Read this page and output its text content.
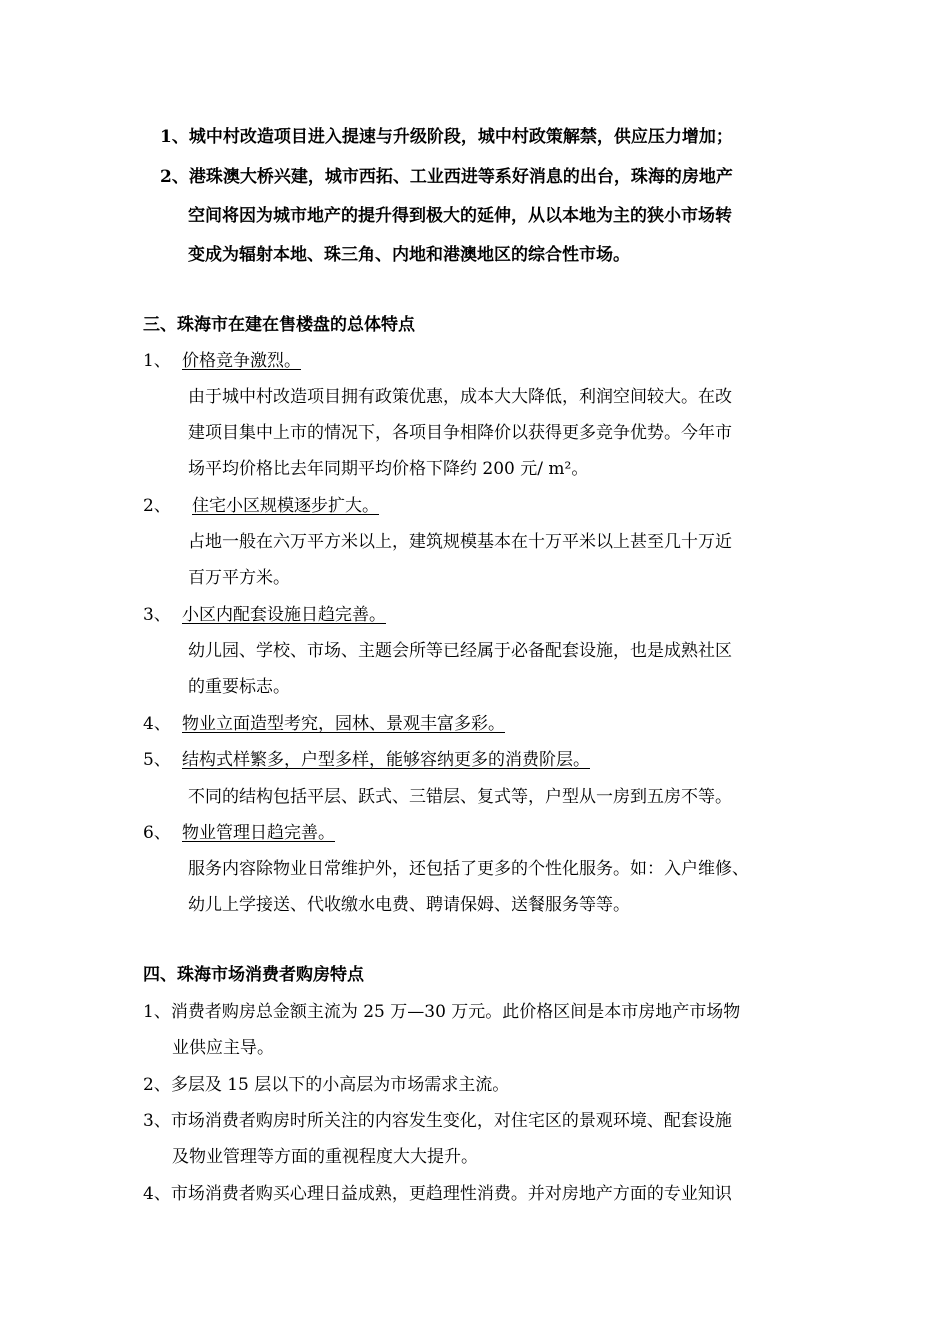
1、城中村改造项目进入提速与升级阶段，城中村政策解禁，供应压力增加；
2、港珠澳大桥兴建，城市西拓、工业西进等系好消息的出台，珠海的房地产
空间将因为城市地产的提升得到极大的延伸，从以本地为主的狭小市场转
变成为辐射本地、珠三角、内地和港澳地区的综合性市场。
三、珠海市在建在售楼盘的总体特点
1、 价格竞争激烈。
由于城中村改造项目拥有政策优惠，成本大大降低，利润空间较大。在改
建项目集中上市的情况下，各项目争相降价以获得更多竞争优势。今年市
场平均价格比去年同期平均价格下降约 200 元/ m²。
2、 住宅小区规模逐步扩大。
占地一般在六万平方米以上，建筑规模基本在十万平米以上甚至几十万近
百万平方米。
3、 小区内配套设施日趋完善。
幼儿园、学校、市场、主题会所等已经属于必备配套设施，也是成熟社区
的重要标志。
4、 物业立面造型考究，园林、景观丰富多彩。
5、 结构式样繁多，户型多样，能够容纳更多的消费阶层。
不同的结构包括平层、跃式、三错层、复式等，户型从一房到五房不等。
6、 物业管理日趋完善。
服务内容除物业日常维护外，还包括了更多的个性化服务。如：入户维修、
幼儿上学接送、代收缴水电费、聘请保姆、送餐服务等等。
四、珠海市场消费者购房特点
1、消费者购房总金额主流为 25 万—30 万元。此价格区间是本市房地产市场物
业供应主导。
2、多层及 15 层以下的小高层为市场需求主流。
3、市场消费者购房时所关注的内容发生变化，对住宅区的景观环境、配套设施
及物业管理等方面的重视程度大大提升。
4、市场消费者购买心理日益成熟，更趋理性消费。并对房地产方面的专业知识
